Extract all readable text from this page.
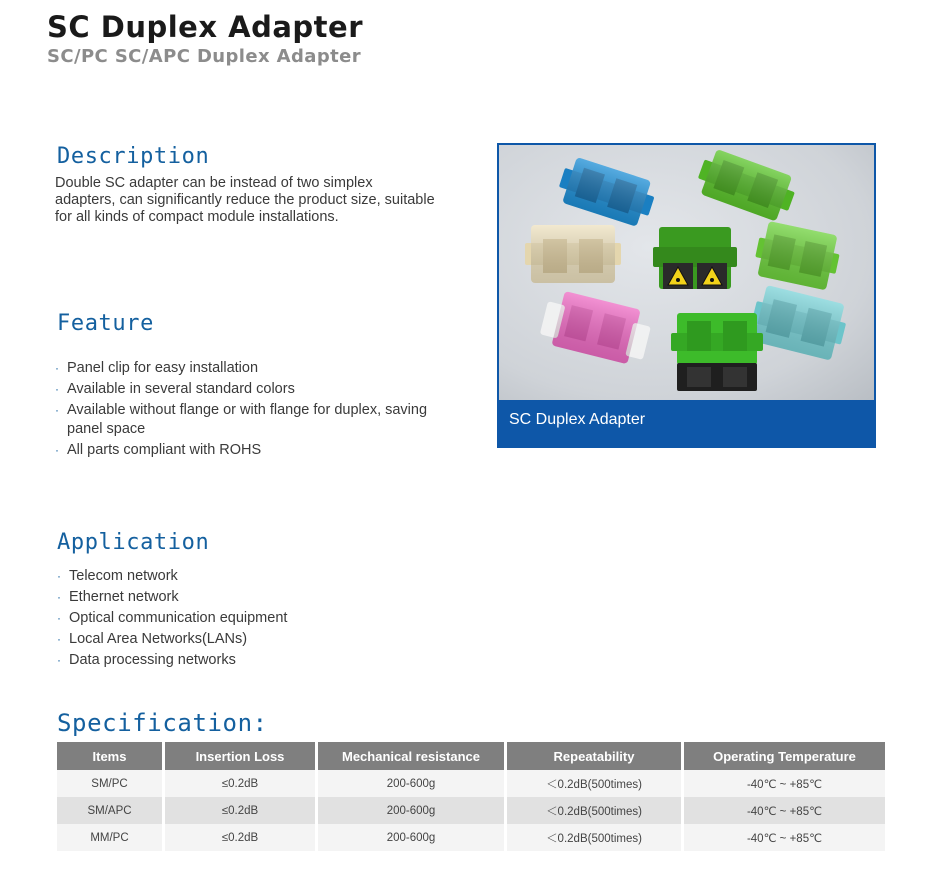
SC Duplex Adapter
SC/PC SC/APC Duplex Adapter
Description
Double SC adapter can be instead of two simplex adapters, can significantly reduce the product size, suitable for all kinds of compact module installations.
Feature
· Panel clip for easy installation
· Available in several standard colors
· Available without flange or with flange for duplex, saving panel space
· All parts compliant with ROHS
SC Duplex Adapter
Application
· Telecom network
· Ethernet network
· Optical communication equipment
· Local Area Networks(LANs)
· Data processing networks
Specification:
Items	Insertion Loss	Mechanical resistance	Repeatability	Operating Temperature
SM/PC	≤0.2dB	200-600g	＜0.2dB(500times)	-40℃ ~ +85℃
SM/APC	≤0.2dB	200-600g	＜0.2dB(500times)	-40℃ ~ +85℃
MM/PC	≤0.2dB	200-600g	＜0.2dB(500times)	-40℃ ~ +85℃
